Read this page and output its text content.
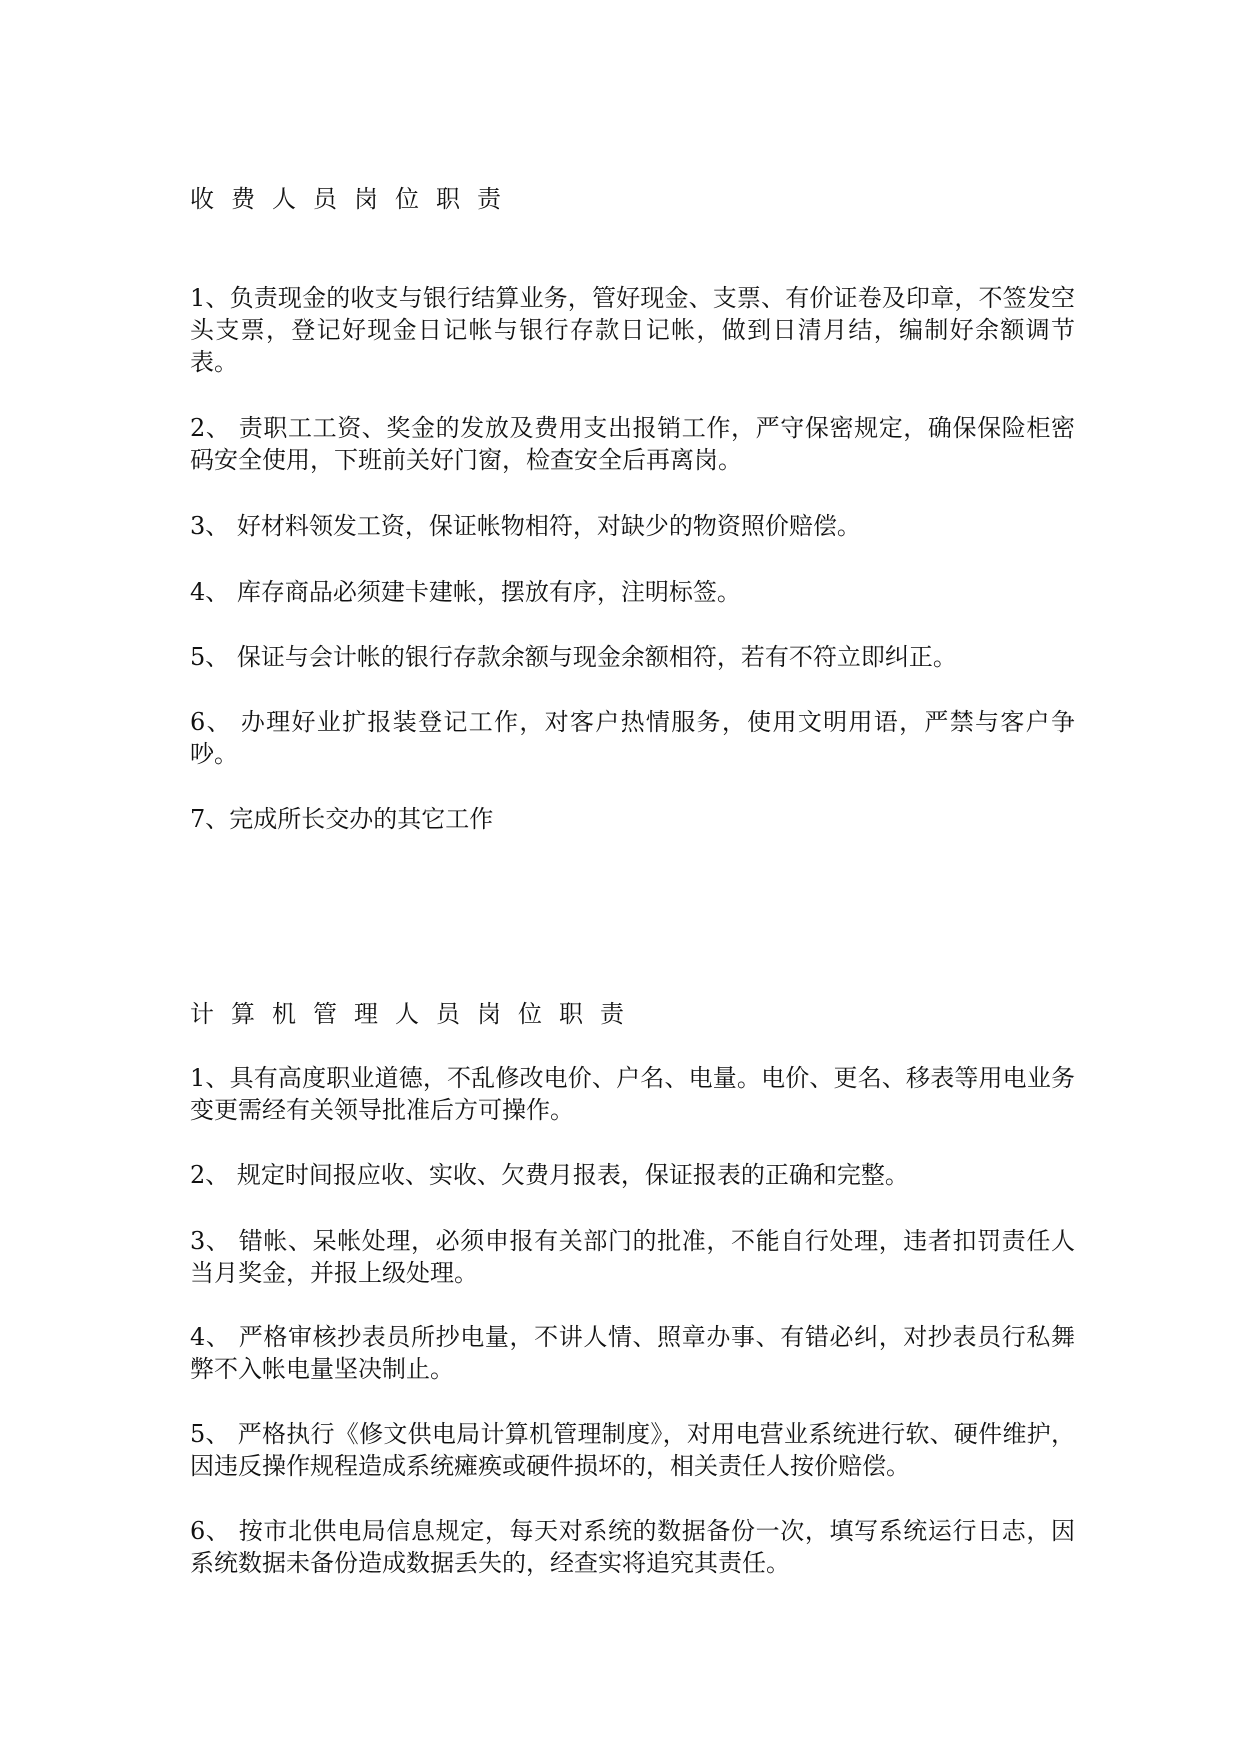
收费人员岗位职责

1、负责现金的收支与银行结算业务，管好现金、支票、有价证卷及印章，不签发空头支票，登记好现金日记帐与银行存款日记帐，做到日清月结，编制好余额调节表。

2、 责职工工资、奖金的发放及费用支出报销工作，严守保密规定，确保保险柜密码安全使用，下班前关好门窗，检查安全后再离岗。

3、 好材料领发工资，保证帐物相符，对缺少的物资照价赔偿。

4、 库存商品必须建卡建帐，摆放有序，注明标签。

5、 保证与会计帐的银行存款余额与现金余额相符，若有不符立即纠正。

6、 办理好业扩报装登记工作，对客户热情服务，使用文明用语，严禁与客户争吵。

7、完成所长交办的其它工作

计算机管理人员岗位职责

1、具有高度职业道德，不乱修改电价、户名、电量。电价、更名、移表等用电业务变更需经有关领导批准后方可操作。

2、 规定时间报应收、实收、欠费月报表，保证报表的正确和完整。

3、 错帐、呆帐处理，必须申报有关部门的批准，不能自行处理，违者扣罚责任人当月奖金，并报上级处理。

4、 严格审核抄表员所抄电量，不讲人情、照章办事、有错必纠，对抄表员行私舞弊不入帐电量坚决制止。

5、 严格执行《修文供电局计算机管理制度》，对用电营业系统进行软、硬件维护，因违反操作规程造成系统瘫痪或硬件损坏的，相关责任人按价赔偿。

6、 按市北供电局信息规定，每天对系统的数据备份一次，填写系统运行日志，因系统数据未备份造成数据丢失的，经查实将追究其责任。
